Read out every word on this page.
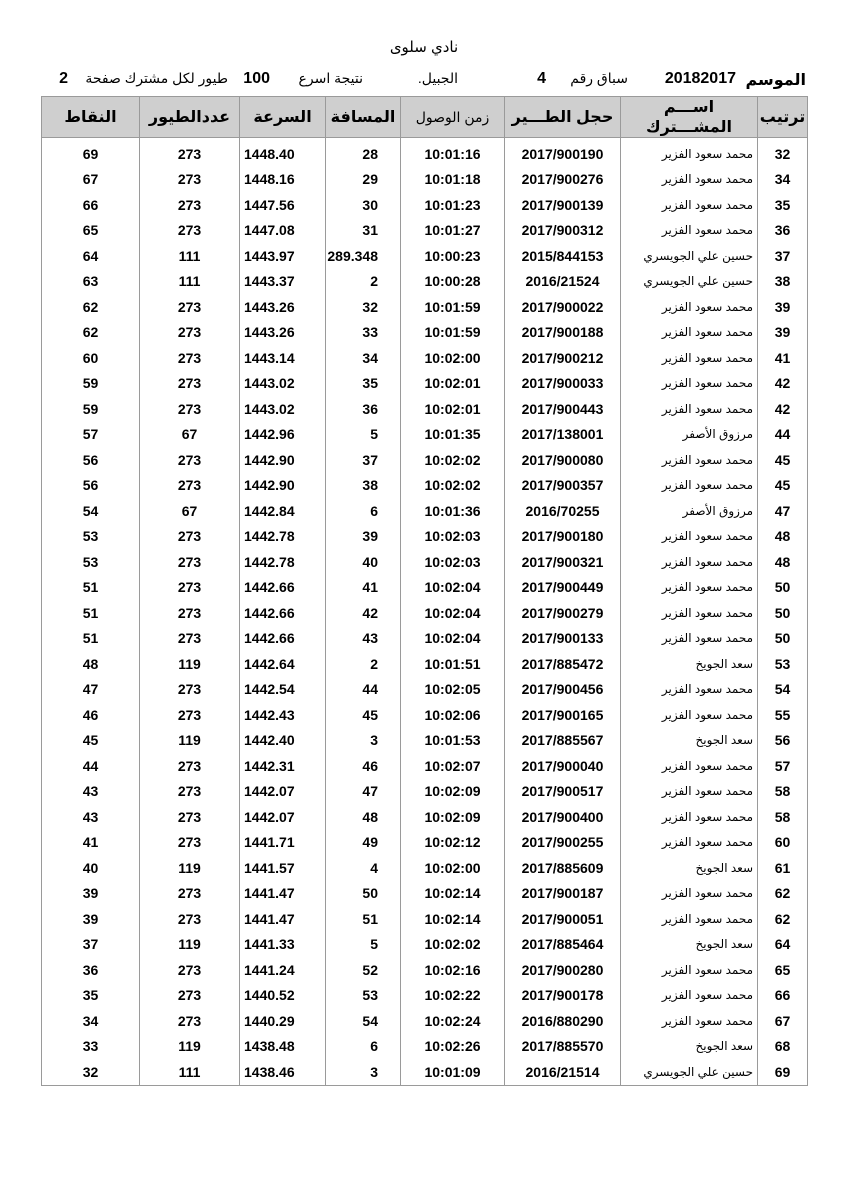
نادي سلوى
الموسم
20182017
سباق رقم
4
الجبيل.
نتيجة اسرع
100
طيور لكل مشترك صفحة
2
ترتيب	اســـم المشـــترك	حجل الطـــير	زمن الوصول	المسافة	السرعة	عددالطيور	النقاط

32	محمد سعود الفزير	2017/900190	10:01:16	28	1448.40	273	69
34	محمد سعود الفزير	2017/900276	10:01:18	29	1448.16	273	67
35	محمد سعود الفزير	2017/900139	10:01:23	30	1447.56	273	66
36	محمد سعود الفزير	2017/900312	10:01:27	31	1447.08	273	65
37	حسين علي الجويسري	2015/844153	10:00:23	289.348	1443.97	111	64
38	حسين علي الجويسري	2016/21524	10:00:28	2	1443.37	111	63
39	محمد سعود الفزير	2017/900022	10:01:59	32	1443.26	273	62
39	محمد سعود الفزير	2017/900188	10:01:59	33	1443.26	273	62
41	محمد سعود الفزير	2017/900212	10:02:00	34	1443.14	273	60
42	محمد سعود الفزير	2017/900033	10:02:01	35	1443.02	273	59
42	محمد سعود الفزير	2017/900443	10:02:01	36	1443.02	273	59
44	مرزوق الأصفر	2017/138001	10:01:35	5	1442.96	67	57
45	محمد سعود الفزير	2017/900080	10:02:02	37	1442.90	273	56
45	محمد سعود الفزير	2017/900357	10:02:02	38	1442.90	273	56
47	مرزوق الأصفر	2016/70255	10:01:36	6	1442.84	67	54
48	محمد سعود الفزير	2017/900180	10:02:03	39	1442.78	273	53
48	محمد سعود الفزير	2017/900321	10:02:03	40	1442.78	273	53
50	محمد سعود الفزير	2017/900449	10:02:04	41	1442.66	273	51
50	محمد سعود الفزير	2017/900279	10:02:04	42	1442.66	273	51
50	محمد سعود الفزير	2017/900133	10:02:04	43	1442.66	273	51
53	سعد الجويخ	2017/885472	10:01:51	2	1442.64	119	48
54	محمد سعود الفزير	2017/900456	10:02:05	44	1442.54	273	47
55	محمد سعود الفزير	2017/900165	10:02:06	45	1442.43	273	46
56	سعد الجويخ	2017/885567	10:01:53	3	1442.40	119	45
57	محمد سعود الفزير	2017/900040	10:02:07	46	1442.31	273	44
58	محمد سعود الفزير	2017/900517	10:02:09	47	1442.07	273	43
58	محمد سعود الفزير	2017/900400	10:02:09	48	1442.07	273	43
60	محمد سعود الفزير	2017/900255	10:02:12	49	1441.71	273	41
61	سعد الجويخ	2017/885609	10:02:00	4	1441.57	119	40
62	محمد سعود الفزير	2017/900187	10:02:14	50	1441.47	273	39
62	محمد سعود الفزير	2017/900051	10:02:14	51	1441.47	273	39
64	سعد الجويخ	2017/885464	10:02:02	5	1441.33	119	37
65	محمد سعود الفزير	2017/900280	10:02:16	52	1441.24	273	36
66	محمد سعود الفزير	2017/900178	10:02:22	53	1440.52	273	35
67	محمد سعود الفزير	2016/880290	10:02:24	54	1440.29	273	34
68	سعد الجويخ	2017/885570	10:02:26	6	1438.48	119	33
69	حسين علي الجويسري	2016/21514	10:01:09	3	1438.46	111	32
